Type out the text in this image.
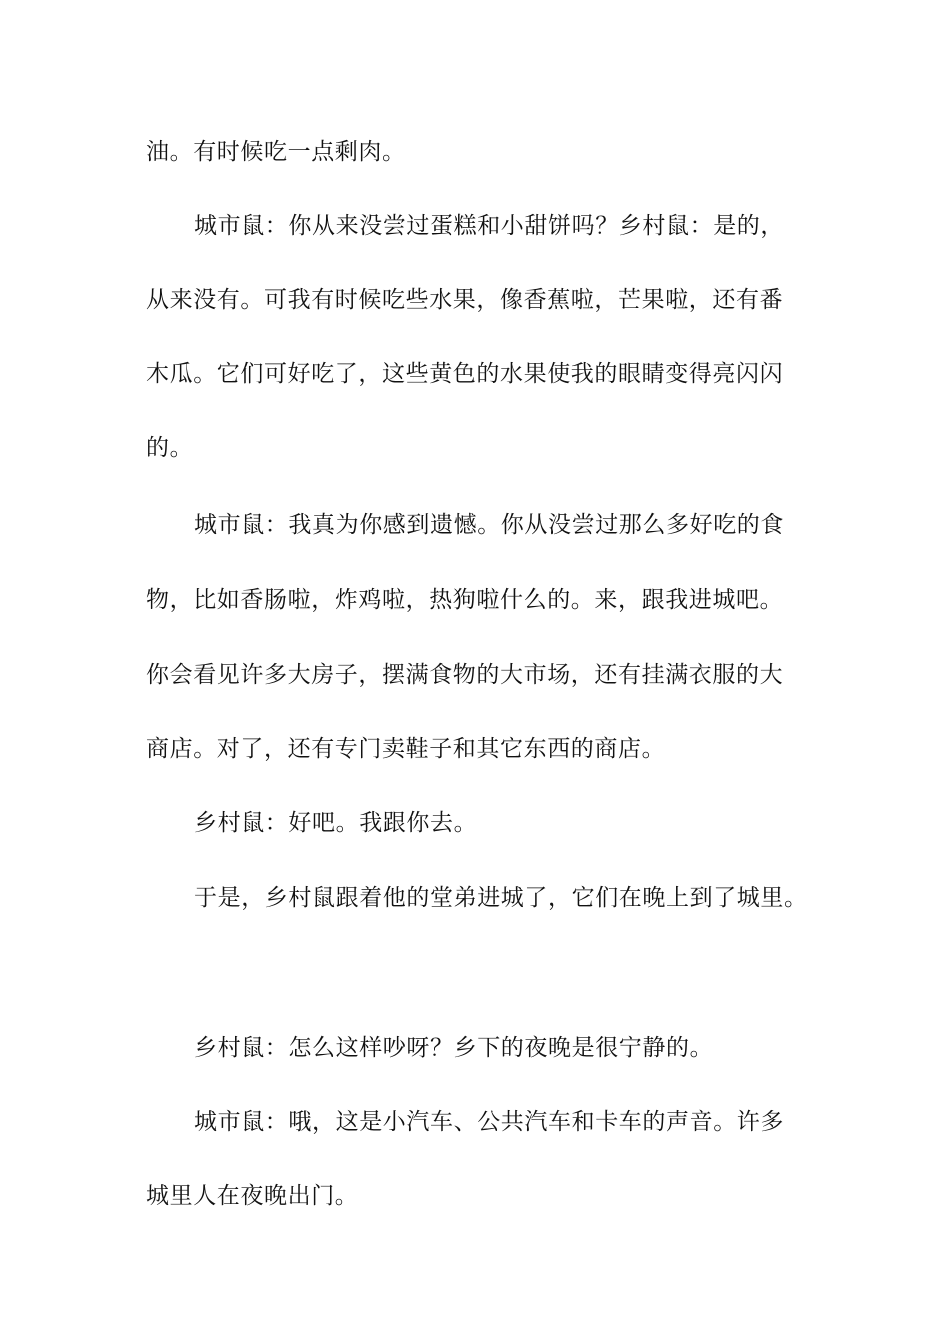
油。有时候吃一点剩肉。
城市鼠：你从来没尝过蛋糕和小甜饼吗？乡村鼠：是的，
从来没有。可我有时候吃些水果，像香蕉啦，芒果啦，还有番
木瓜。它们可好吃了，这些黄色的水果使我的眼睛变得亮闪闪
的。
城市鼠：我真为你感到遗憾。你从没尝过那么多好吃的食
物，比如香肠啦，炸鸡啦，热狗啦什么的。来，跟我进城吧。
你会看见许多大房子，摆满食物的大市场，还有挂满衣服的大
商店。对了，还有专门卖鞋子和其它东西的商店。
乡村鼠：好吧。我跟你去。
于是，乡村鼠跟着他的堂弟进城了，它们在晚上到了城里。
乡村鼠：怎么这样吵呀？乡下的夜晚是很宁静的。
城市鼠：哦，这是小汽车、公共汽车和卡车的声音。许多
城里人在夜晚出门。
